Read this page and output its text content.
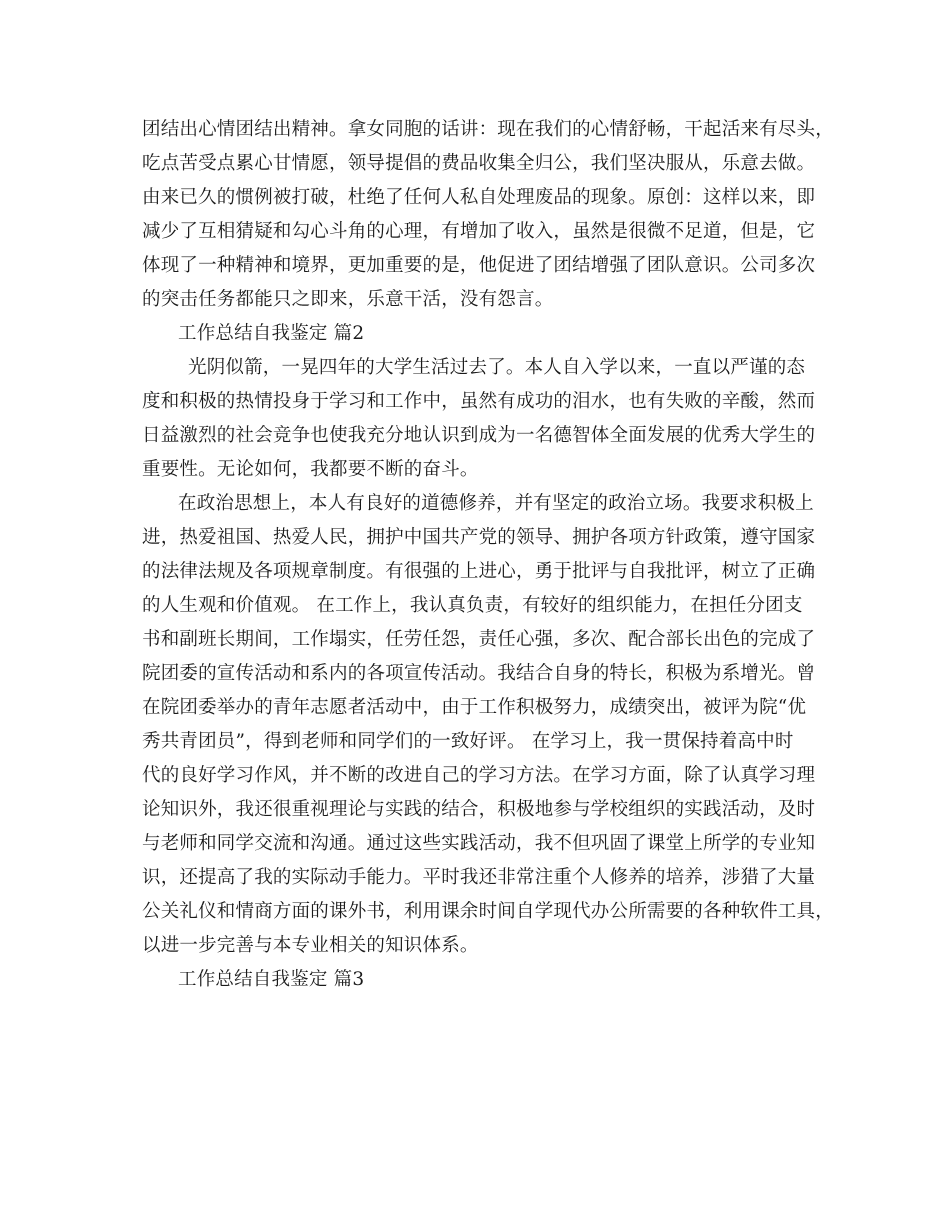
团结出心情团结出精神。拿女同胞的话讲：现在我们的心情舒畅，干起活来有尽头，
吃点苦受点累心甘情愿，领导提倡的费品收集全归公，我们坚决服从，乐意去做。
由来已久的惯例被打破，杜绝了任何人私自处理废品的现象。原创：这样以来，即
减少了互相猜疑和勾心斗角的心理，有增加了收入，虽然是很微不足道，但是，它
体现了一种精神和境界，更加重要的是，他促进了团结增强了团队意识。公司多次
的突击任务都能只之即来，乐意干活，没有怨言。
工作总结自我鉴定 篇2
光阴似箭，一晃四年的大学生活过去了。本人自入学以来，一直以严谨的态
度和积极的热情投身于学习和工作中，虽然有成功的泪水，也有失败的辛酸，然而
日益激烈的社会竞争也使我充分地认识到成为一名德智体全面发展的优秀大学生的
重要性。无论如何，我都要不断的奋斗。
在政治思想上，本人有良好的道德修养，并有坚定的政治立场。我要求积极上
进，热爱祖国、热爱人民，拥护中国共产党的领导、拥护各项方针政策，遵守国家
的法律法规及各项规章制度。有很强的上进心，勇于批评与自我批评，树立了正确
的人生观和价值观。 在工作上，我认真负责，有较好的组织能力，在担任分团支
书和副班长期间，工作塌实，任劳任怨，责任心强，多次、配合部长出色的完成了
院团委的宣传活动和系内的各项宣传活动。我结合自身的特长，积极为系增光。曾
在院团委举办的青年志愿者活动中，由于工作积极努力，成绩突出，被评为院“优
秀共青团员”，得到老师和同学们的一致好评。 在学习上，我一贯保持着高中时
代的良好学习作风，并不断的改进自己的学习方法。在学习方面，除了认真学习理
论知识外，我还很重视理论与实践的结合，积极地参与学校组织的实践活动，及时
与老师和同学交流和沟通。通过这些实践活动，我不但巩固了课堂上所学的专业知
识，还提高了我的实际动手能力。平时我还非常注重个人修养的培养，涉猎了大量
公关礼仪和情商方面的课外书，利用课余时间自学现代办公所需要的各种软件工具，
以进一步完善与本专业相关的知识体系。
工作总结自我鉴定 篇3
